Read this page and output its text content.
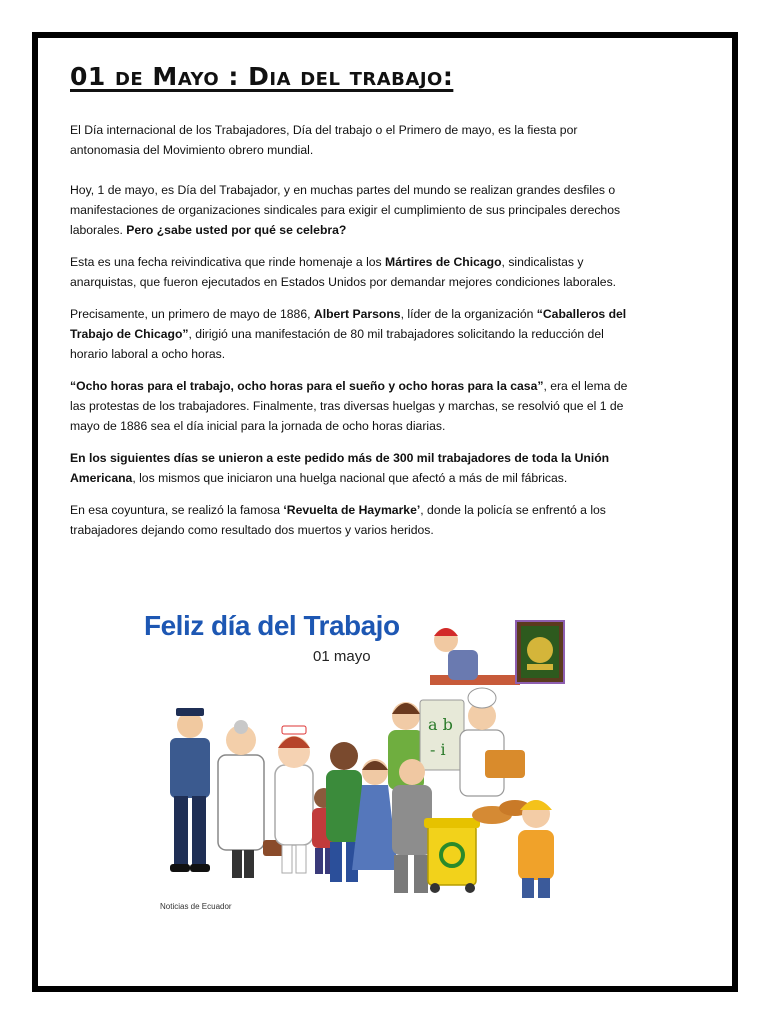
01 de Mayo : Dia del trabajo:

El Día internacional de los Trabajadores, Día del trabajo o el Primero de mayo, es la fiesta por antonomasia del Movimiento obrero mundial.

Hoy, 1 de mayo, es Día del Trabajador, y en muchas partes del mundo se realizan grandes desfiles o manifestaciones de organizaciones sindicales para exigir el cumplimiento de sus principales derechos laborales. Pero ¿sabe usted por qué se celebra?

Esta es una fecha reivindicativa que rinde homenaje a los Mártires de Chicago, sindicalistas y anarquistas, que fueron ejecutados en Estados Unidos por demandar mejores condiciones laborales.

Precisamente, un primero de mayo de 1886, Albert Parsons, líder de la organización “Caballeros del Trabajo de Chicago”, dirigió una manifestación de 80 mil trabajadores solicitando la reducción del horario laboral a ocho horas.

“Ocho horas para el trabajo, ocho horas para el sueño y ocho horas para la casa”, era el lema de las protestas de los trabajadores. Finalmente, tras diversas huelgas y marchas, se resolvió que el 1 de mayo de 1886 sea el día inicial para la jornada de ocho horas diarias.

En los siguientes días se unieron a este pedido más de 300 mil trabajadores de toda la Unión Americana, los mismos que iniciaron una huelga nacional que afectó a más de mil fábricas.

En esa coyuntura, se realizó la famosa ‘Revuelta de Haymarke’, donde la policía se enfrentó a los trabajadores dejando como resultado dos muertos y varios heridos.

a b
- i
Feliz día del Trabajo
01 mayo
Noticias de Ecuador
